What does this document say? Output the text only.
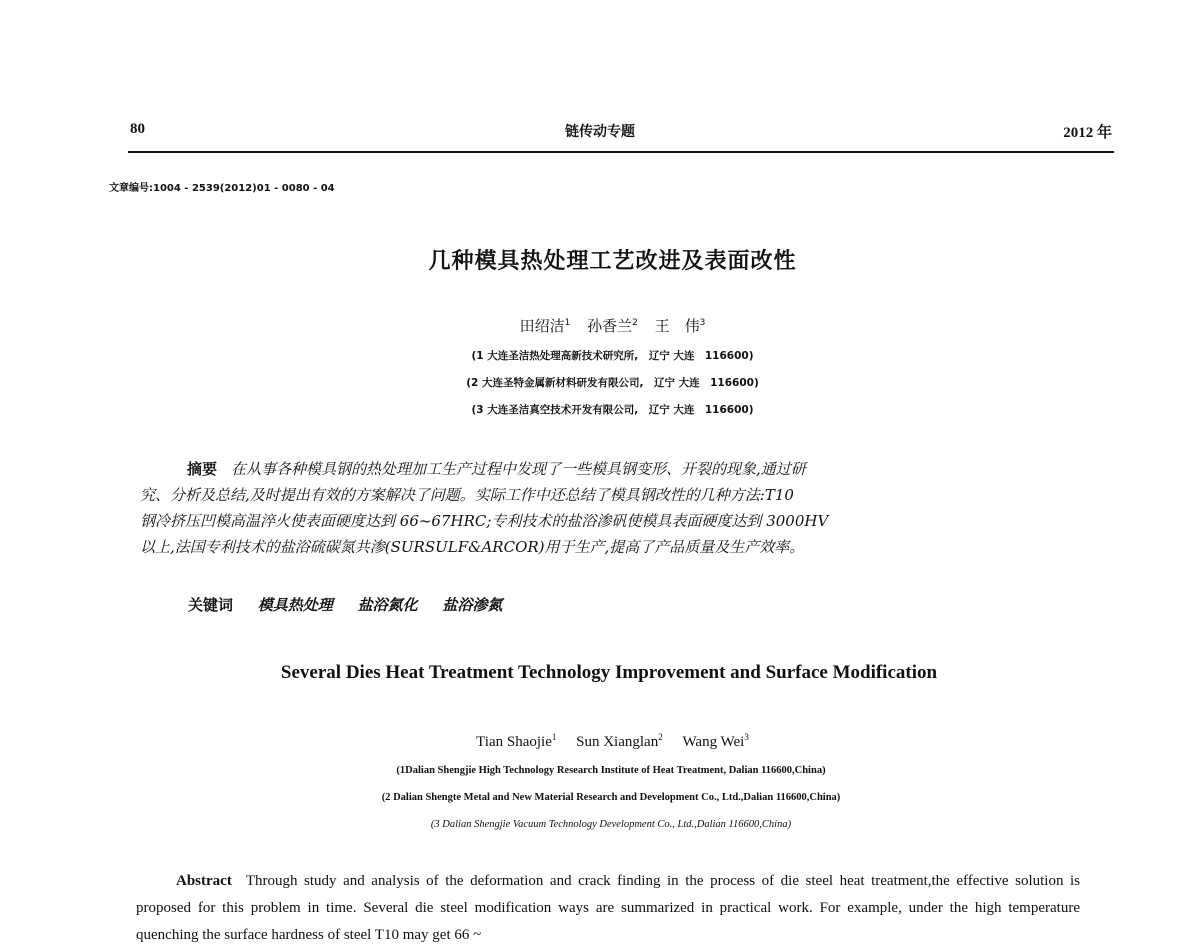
80	链传动专题	2012 年
文章编号:1004 - 2539(2012)01 - 0080 - 04
几种模具热处理工艺改进及表面改性
田绍洁$^1$ 孙香兰$^2$ 王　伟$^3$
(1 大连圣洁热处理高新技术研究所,　辽宁 大连　116600)
(2 大连圣特金属新材料研发有限公司,　辽宁 大连　116600)
(3 大连圣洁真空技术开发有限公司,　辽宁 大连　116600)

摘要 在从事各种模具钢的热处理加工生产过程中发现了一些模具钢变形、开裂的现象,通过研

究、分析及总结,及时提出有效的方案解决了问题。实际工作中还总结了模具钢改性的几种方法:T10

钢冷挤压凹模高温淬火使表面硬度达到 66~67HRC;专利技术的盐浴渗矾使模具表面硬度达到 3000HV

以上,法国专利技术的盐浴硫碳氮共渗(SURSULF&ARCOR)用于生产,提高了产品质量及生产效率。

关键词 模具热处理 盐浴氮化 盐浴渗氮
Several Dies Heat Treatment Technology Improvement and Surface Modification
Tian Shaojie$^1$ Sun Xianglan$^2$ Wang Wei$^3$
(1Dalian Shengjie High Technology Research Institute of Heat Treatment, Dalian 116600,China)
(2 Dalian Shengte Metal and New Material Research and Development Co., Ltd.,Dalian 116600,China)
(3 Dalian Shengjie Vacuum Technology Development Co., Ltd.,Dalian 116600,China)

Abstract Through study and analysis of the deformation and crack finding in the process of die steel heat treatment,the effective solution is proposed for this problem in time. Several die steel modification ways are summarized in practical work. For example, under the high temperature quenching the surface hardness of steel T10 may get 66 ~
